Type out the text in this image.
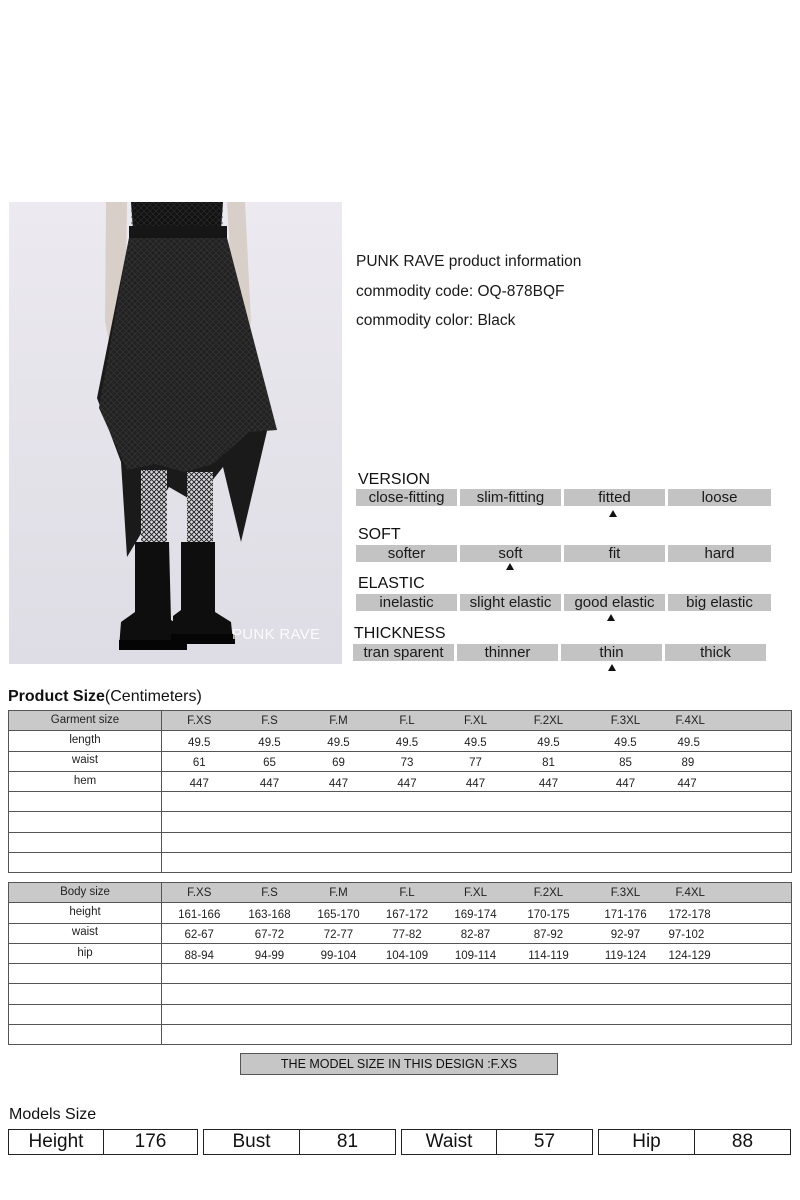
PUNK RAVE
PUNK RAVE product information
commodity code: OQ-878BQF
commodity color: Black
VERSION
close-fitting	slim-fitting	fitted	loose
SOFT
softer	soft	fit	hard
ELASTIC
inelastic	slight elastic	good elastic	big elastic
THICKNESS
tran sparent	thinner	thin	thick
Product Size(Centimeters)
Garment size	F.XS	F.S	F.M	F.L	F.XL	F.2XL	F.3XL	F.4XL
length	49.5	49.5	49.5	49.5	49.5	49.5	49.5	49.5
waist	61	65	69	73	77	81	85	89
hem	447	447	447	447	447	447	447	447

Body size	F.XS	F.S	F.M	F.L	F.XL	F.2XL	F.3XL	F.4XL
height	161-166	163-168	165-170	167-172	169-174	170-175	171-176	172-178
waist	62-67	67-72	72-77	77-82	82-87	87-92	92-97	97-102
hip	88-94	94-99	99-104	104-109	109-114	114-119	119-124	124-129

THE MODEL SIZE IN THIS DESIGN :F.XS
Models Size
Height	176	Bust	81	Waist	57	Hip	88
